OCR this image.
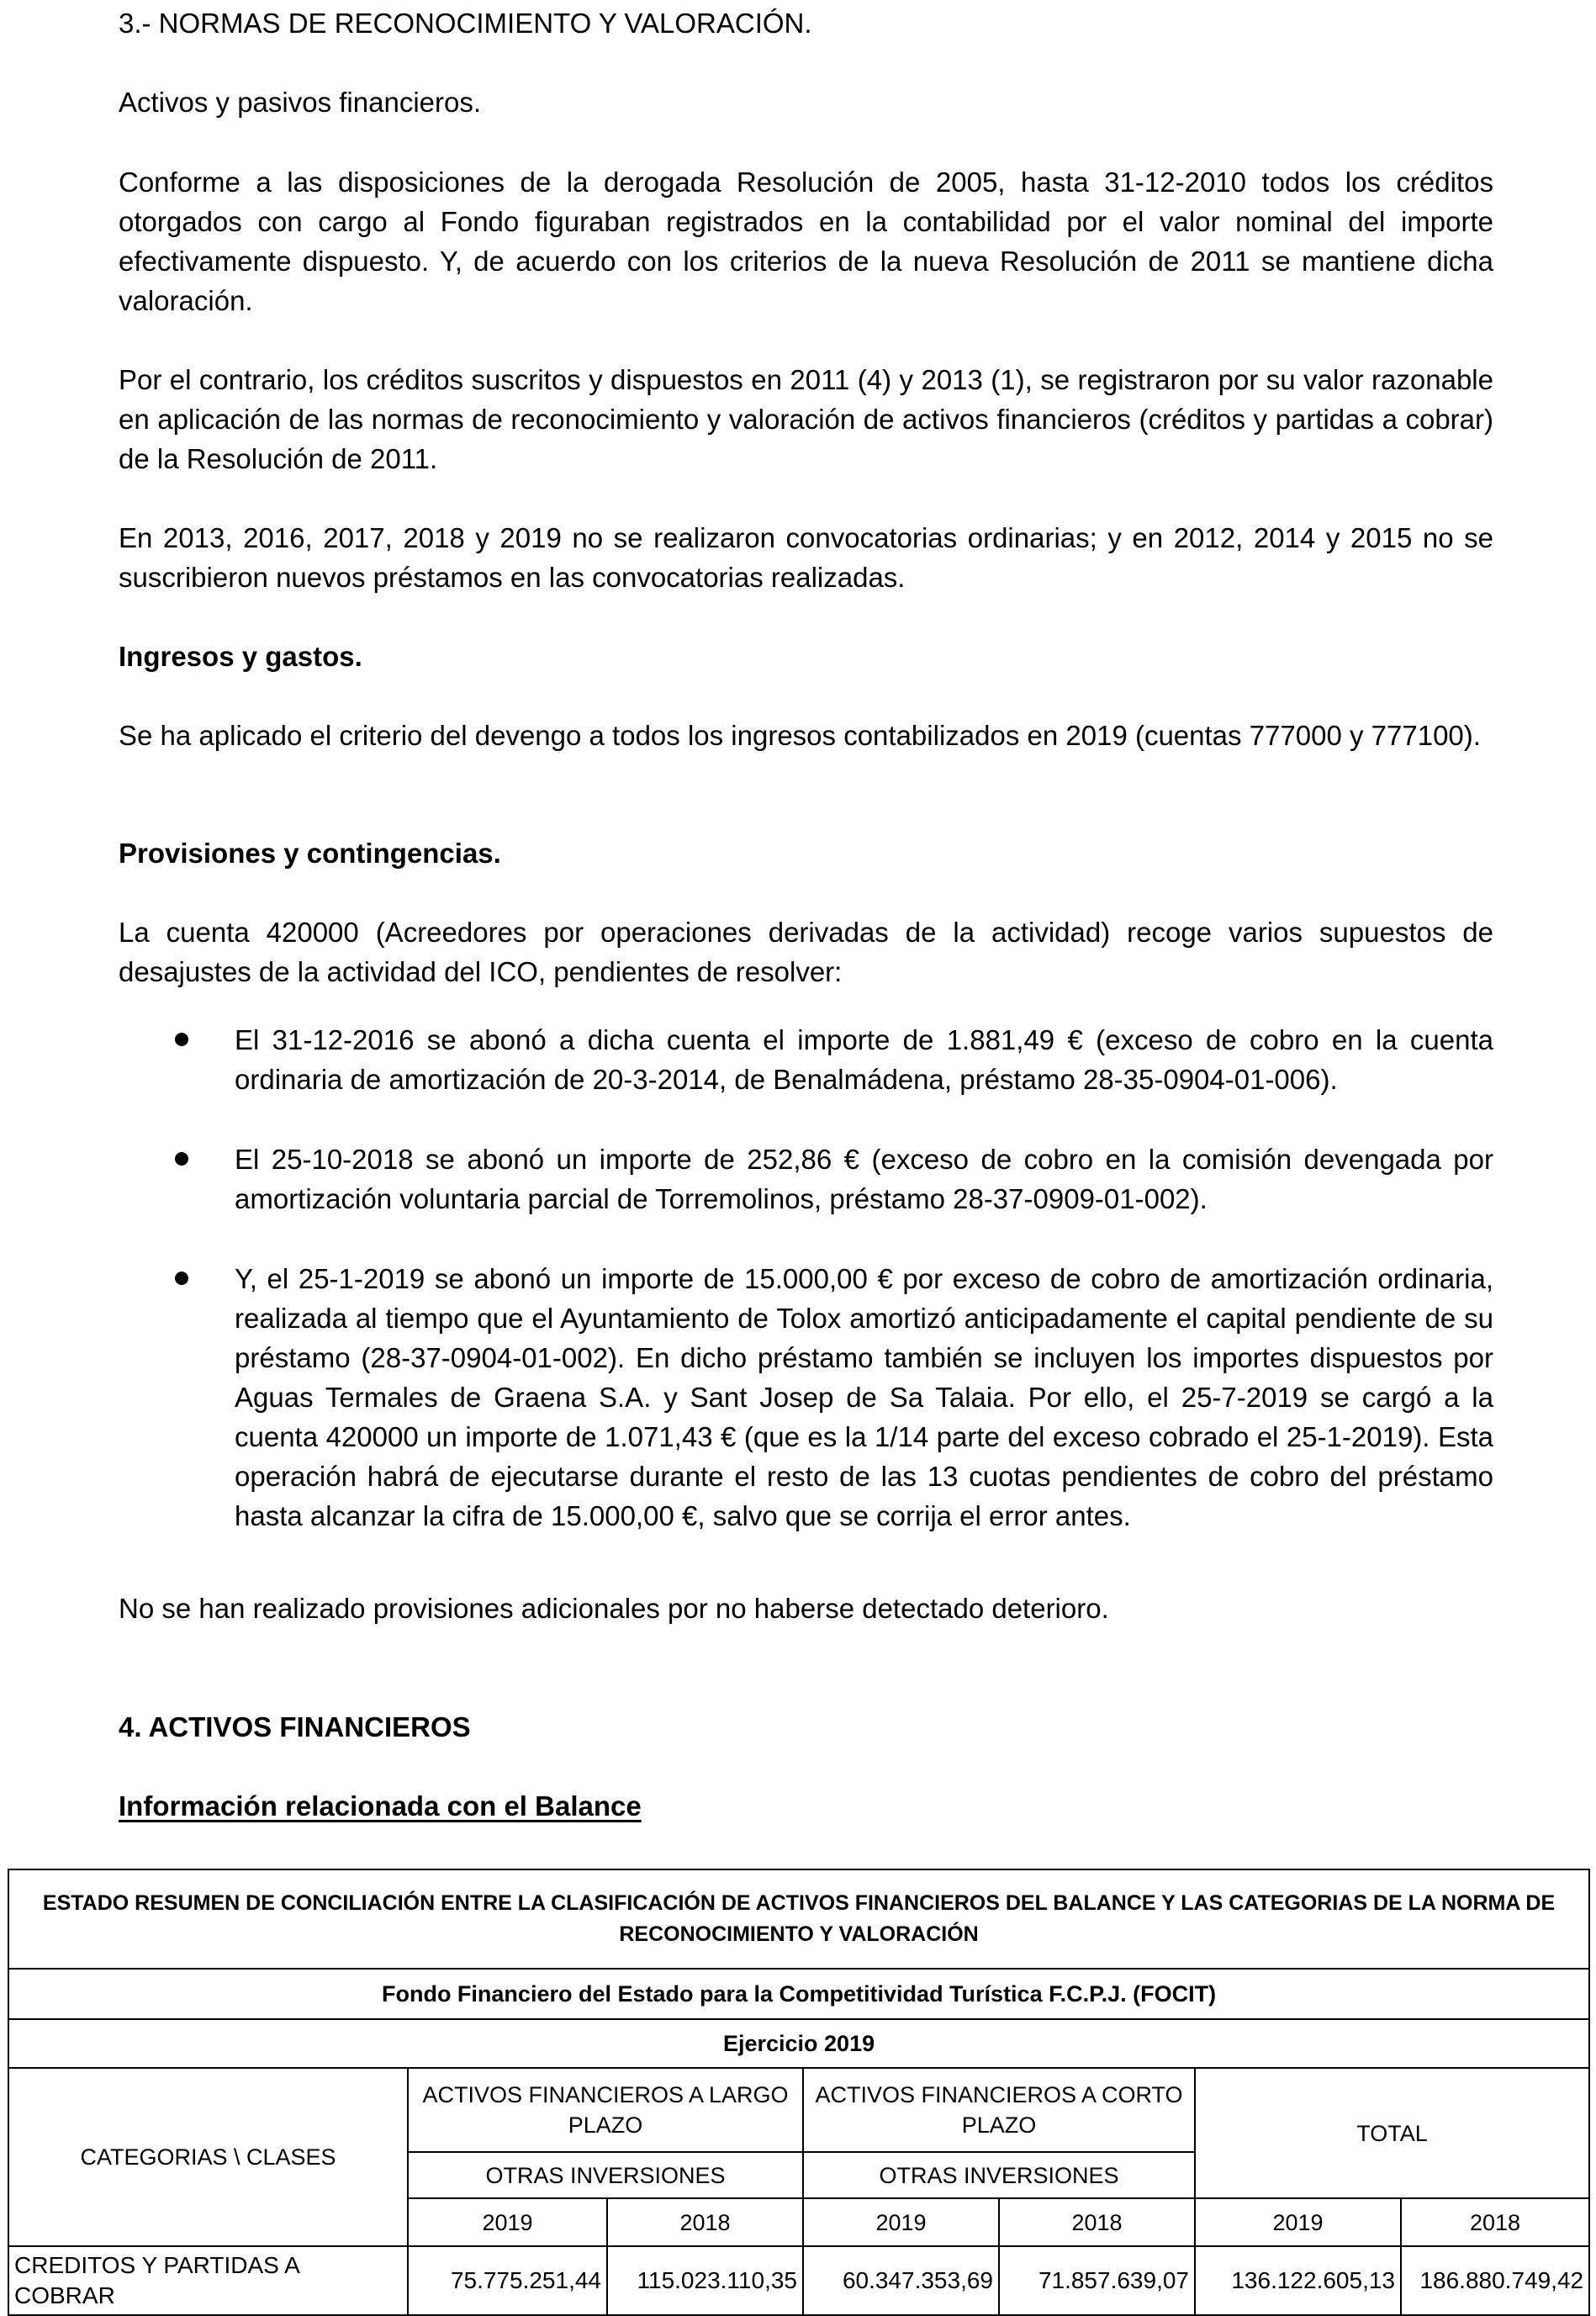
3.- NORMAS DE RECONOCIMIENTO Y VALORACIÓN.
Activos y pasivos financieros.
Conforme a las disposiciones de la derogada Resolución de 2005, hasta 31-12-2010 todos los créditos otorgados con cargo al Fondo figuraban registrados en la contabilidad por el valor nominal del importe efectivamente dispuesto. Y, de acuerdo con los criterios de la nueva Resolución de 2011 se mantiene dicha valoración.
Por el contrario, los créditos suscritos y dispuestos en 2011 (4) y 2013 (1), se registraron por su valor razonable en aplicación de las normas de reconocimiento y valoración de activos financieros (créditos y partidas a cobrar) de la Resolución de 2011.
En 2013, 2016, 2017, 2018 y 2019 no se realizaron convocatorias ordinarias; y en 2012, 2014 y 2015 no se suscribieron nuevos préstamos en las convocatorias realizadas.
Ingresos y gastos.
Se ha aplicado el criterio del devengo a todos los ingresos contabilizados en 2019 (cuentas 777000 y 777100).
Provisiones y contingencias.
La cuenta 420000 (Acreedores por operaciones derivadas de la actividad) recoge varios supuestos de desajustes de la actividad del ICO, pendientes de resolver:
El 31-12-2016 se abonó a dicha cuenta el importe de 1.881,49 € (exceso de cobro en la cuenta ordinaria de amortización de 20-3-2014, de Benalmádena, préstamo 28-35-0904-01-006).
El 25-10-2018 se abonó un importe de 252,86 € (exceso de cobro en la comisión devengada por amortización voluntaria parcial de Torremolinos, préstamo 28-37-0909-01-002).
Y, el 25-1-2019 se abonó un importe de 15.000,00 € por exceso de cobro de amortización ordinaria, realizada al tiempo que el Ayuntamiento de Tolox amortizó anticipadamente el capital pendiente de su préstamo (28-37-0904-01-002). En dicho préstamo también se incluyen los importes dispuestos por Aguas Termales de Graena S.A. y Sant Josep de Sa Talaia. Por ello, el 25-7-2019 se cargó a la cuenta 420000 un importe de 1.071,43 € (que es la 1/14 parte del exceso cobrado el 25-1-2019). Esta operación habrá de ejecutarse durante el resto de las 13 cuotas pendientes de cobro del préstamo hasta alcanzar la cifra de 15.000,00 €, salvo que se corrija el error antes.
No se han realizado provisiones adicionales por no haberse detectado deterioro.
4. ACTIVOS FINANCIEROS
Información relacionada con el Balance
ESTADO RESUMEN DE CONCILIACIÓN ENTRE LA CLASIFICACIÓN DE ACTIVOS FINANCIEROS DEL BALANCE Y LAS CATEGORIAS DE LA NORMA DE RECONOCIMIENTO Y VALORACIÓN						
Fondo Financiero del Estado para la Competitividad Turística F.C.P.J. (FOCIT)						
Ejercicio 2019						
CATEGORIAS \ CLASES	ACTIVOS FINANCIEROS A LARGO PLAZO		ACTIVOS FINANCIEROS A CORTO PLAZO		TOTAL	
	OTRAS INVERSIONES		OTRAS INVERSIONES			
	2019	2018	2019	2018	2019	2018
CREDITOS Y PARTIDAS A COBRAR	75.775.251,44	115.023.110,35	60.347.353,69	71.857.639,07	136.122.605,13	186.880.749,42
